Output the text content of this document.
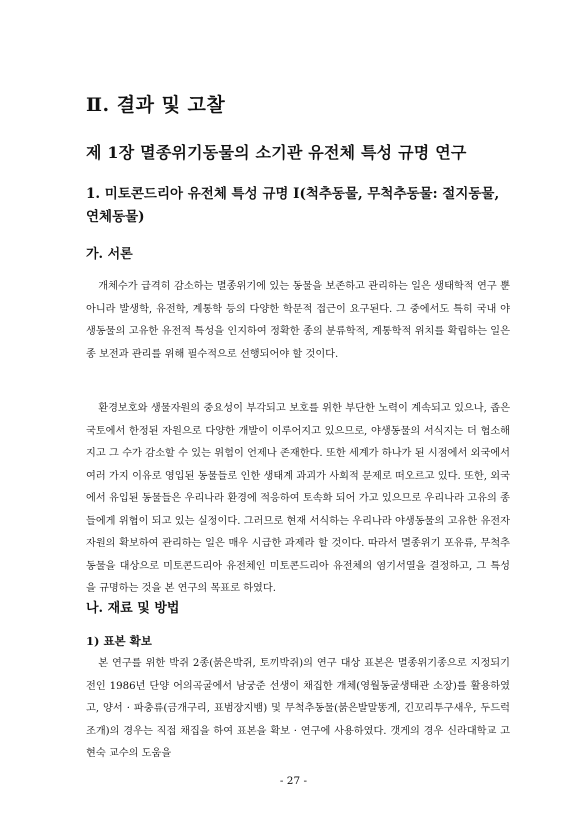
Ⅱ. 결과 및 고찰
제 1장 멸종위기동물의 소기관 유전체 특성 규명 연구
1. 미토콘드리아 유전체 특성 규명 I(척추동물, 무척추동물: 절지동물, 연체동물)
가. 서론

개체수가 급격히 감소하는 멸종위기에 있는 동물을 보존하고 관리하는 일은 생태학적 연구 뿐 아니라 발생학, 유전학, 계통학 등의 다양한 학문적 접근이 요구된다. 그 중에서도 특히 국내 야생동물의 고유한 유전적 특성을 인지하여 정확한 종의 분류학적, 계통학적 위치를 확립하는 일은 종 보전과 관리를 위해 필수적으로 선행되어야 할 것이다.

환경보호와 생물자원의 중요성이 부각되고 보호를 위한 부단한 노력이 계속되고 있으나, 좁은 국토에서 한정된 자원으로 다양한 개발이 이루어지고 있으므로, 야생동물의 서식지는 더 협소해지고 그 수가 감소할 수 있는 위험이 언제나 존재한다. 또한 세계가 하나가 된 시점에서 외국에서 여러 가지 이유로 영입된 동물들로 인한 생태계 과괴가 사회적 문제로 떠오르고 있다. 또한, 외국에서 유입된 동물들은 우리나라 환경에 적응하여 토속화 되어 가고 있으므로 우리나라 고유의 종들에게 위협이 되고 있는 실정이다. 그러므로 현재 서식하는 우리나라 야생동물의 고유한 유전자 자원의 확보하여 관리하는 일은 매우 시급한 과제라 할 것이다. 따라서 멸종위기 포유류, 무척추동물을 대상으로 미토콘드리아 유전체인 미토콘드리아 유전체의 염기서열을 결정하고, 그 특성을 규명하는 것을 본 연구의 목표로 하였다.

나. 재료 및 방법
1) 표본 확보

본 연구를 위한 박쥐 2종(붉은박쥐, 토끼박쥐)의 연구 대상 표본은 멸종위기종으로 지정되기 전인 1986년 단양 어의곡굴에서 남궁준 선생이 채집한 개체(영월동굴생태관 소장)를 활용하였고, 양서 · 파충류(금개구리, 표범장지뱀) 및 무척추동물(붉은발말똥게, 긴꼬리투구새우, 두드럭조개)의 경우는 직접 채집을 하여 표본을 확보 · 연구에 사용하였다. 갯게의 경우 신라대학교 고현숙 교수의 도움을

- 27 -
